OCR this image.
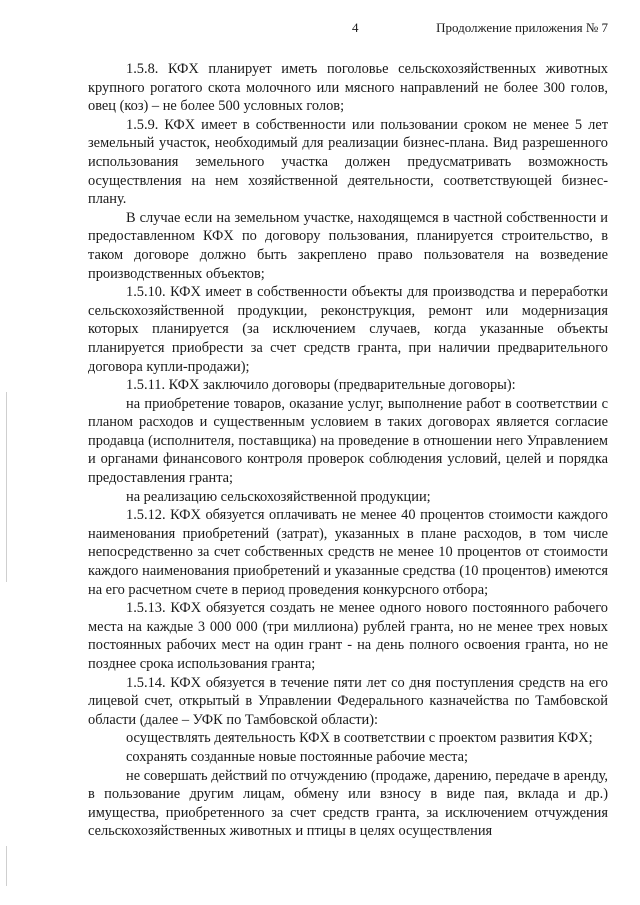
4	Продолжение приложения № 7

1.5.8. КФХ планирует иметь поголовье сельскохозяйственных животных крупного рогатого скота молочного или мясного направлений не более 300 голов, овец (коз) – не более 500 условных голов;

1.5.9. КФХ имеет в собственности или пользовании сроком не менее 5 лет земельный участок, необходимый для реализации бизнес-плана. Вид разрешенного использования земельного участка должен предусматривать возможность осуществления на нем хозяйственной деятельности, соответствующей бизнес-плану.

В случае если на земельном участке, находящемся в частной собственности и предоставленном КФХ по договору пользования, планируется строительство, в таком договоре должно быть закреплено право пользователя на возведение производственных объектов;

1.5.10. КФХ имеет в собственности объекты для производства и переработки сельскохозяйственной продукции, реконструкция, ремонт или модернизация которых планируется (за исключением случаев, когда указанные объекты планируется приобрести за счет средств гранта, при наличии предварительного договора купли-продажи);

1.5.11. КФХ заключило договоры (предварительные договоры):

на приобретение товаров, оказание услуг, выполнение работ в соответствии с планом расходов и существенным условием в таких договорах является согласие продавца (исполнителя, поставщика) на проведение в отношении него Управлением и органами финансового контроля проверок соблюдения условий, целей и порядка предоставления гранта;

на реализацию сельскохозяйственной продукции;

1.5.12. КФХ обязуется оплачивать не менее 40 процентов стоимости каждого наименования приобретений (затрат), указанных в плане расходов, в том числе непосредственно за счет собственных средств не менее 10 процентов от стоимости каждого наименования приобретений и указанные средства (10 процентов) имеются на его расчетном счете в период проведения конкурсного отбора;

1.5.13. КФХ обязуется создать не менее одного нового постоянного рабочего места на каждые 3 000 000 (три миллиона) рублей гранта, но не менее трех новых постоянных рабочих мест на один грант - на день полного освоения гранта, но не позднее срока использования гранта;

1.5.14. КФХ обязуется в течение пяти лет со дня поступления средств на его лицевой счет, открытый в Управлении Федерального казначейства по Тамбовской области (далее – УФК по Тамбовской области):

осуществлять деятельность КФХ в соответствии с проектом развития КФХ;

сохранять созданные новые постоянные рабочие места;

не совершать действий по отчуждению (продаже, дарению, передаче в аренду, в пользование другим лицам, обмену или взносу в виде пая, вклада и др.) имущества, приобретенного за счет средств гранта, за исключением отчуждения сельскохозяйственных животных и птицы в целях осуществления
